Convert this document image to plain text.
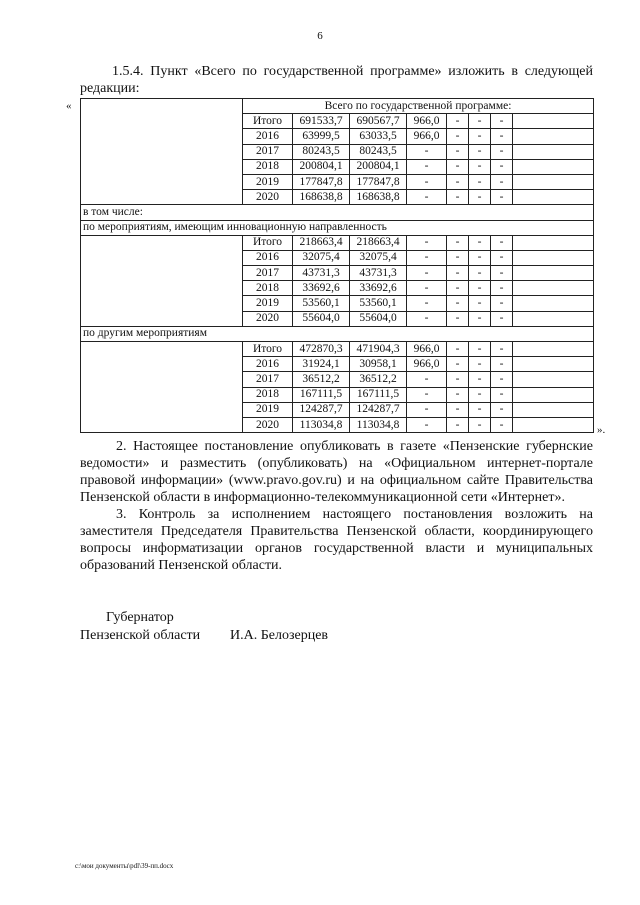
6
1.5.4. Пункт «Всего по государственной программе» изложить в следующей редакции:
«
».
	Всего по государственной программе:							
	Итого	691533,7	690567,7	966,0	-	-	-	
	2016	63999,5	63033,5	966,0	-	-	-	
	2017	80243,5	80243,5	-	-	-	-	
	2018	200804,1	200804,1	-	-	-	-	
	2019	177847,8	177847,8	-	-	-	-	
	2020	168638,8	168638,8	-	-	-	-	
в том числе:								
по мероприятиям, имеющим инновационную направленность								
	Итого	218663,4	218663,4	-	-	-	-	
	2016	32075,4	32075,4	-	-	-	-	
	2017	43731,3	43731,3	-	-	-	-	
	2018	33692,6	33692,6	-	-	-	-	
	2019	53560,1	53560,1	-	-	-	-	
	2020	55604,0	55604,0	-	-	-	-	
по другим мероприятиям								
	Итого	472870,3	471904,3	966,0	-	-	-	
	2016	31924,1	30958,1	966,0	-	-	-	
	2017	36512,2	36512,2	-	-	-	-	
	2018	167111,5	167111,5	-	-	-	-	
	2019	124287,7	124287,7	-	-	-	-	
	2020	113034,8	113034,8	-	-	-	-	
2. Настоящее постановление опубликовать в газете «Пензенские губернские ведомости» и разместить (опубликовать) на «Официальном интернет-портале правовой информации» (www.pravo.gov.ru) и на официальном сайте Правительства Пензенской области в информационно-телекоммуникационной сети «Интернет».
3. Контроль за исполнением настоящего постановления возложить на заместителя Председателя Правительства Пензенской области, координирующего вопросы информатизации органов государственной власти и муниципальных образований Пензенской области.
Губернатор
Пензенской области И.А. Белозерцев
c:\мои документы\pdl\39-пп.docx
